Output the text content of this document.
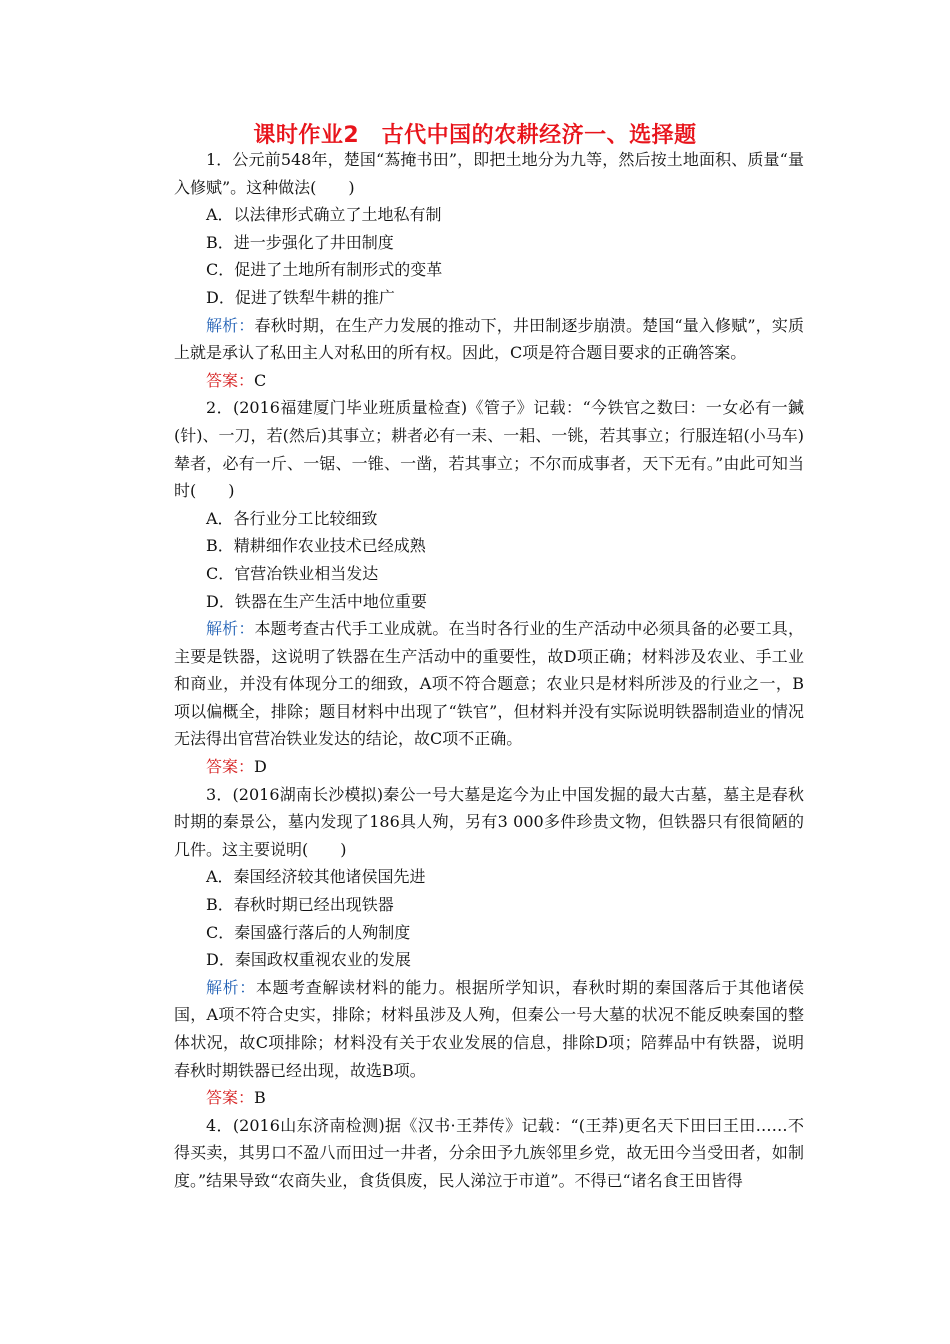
课时作业2　古代中国的农耕经济一、选择题

1．公元前548年，楚国“蒍掩书田”，即把土地分为九等，然后按土地面积、质量“量入修赋”。这种做法(　　)

A．以法律形式确立了土地私有制

B．进一步强化了井田制度

C．促进了土地所有制形式的变革

D．促进了铁犁牛耕的推广

解析：春秋时期，在生产力发展的推动下，井田制逐步崩溃。楚国“量入修赋”，实质上就是承认了私田主人对私田的所有权。因此，C项是符合题目要求的正确答案。

答案：C

2．(2016福建厦门毕业班质量检查)《管子》记载：“今铁官之数曰：一女必有一鍼(针)、一刀，若(然后)其事立；耕者必有一耒、一耜、一铫，若其事立；行服连轺(小马车)辇者，必有一斤、一锯、一锥、一凿，若其事立；不尔而成事者，天下无有。”由此可知当时(　　)

A．各行业分工比较细致

B．精耕细作农业技术已经成熟

C．官营冶铁业相当发达

D．铁器在生产生活中地位重要

解析：本题考查古代手工业成就。在当时各行业的生产活动中必须具备的必要工具，主要是铁器，这说明了铁器在生产活动中的重要性，故D项正确；材料涉及农业、手工业和商业，并没有体现分工的细致，A项不符合题意；农业只是材料所涉及的行业之一，B项以偏概全，排除；题目材料中出现了“铁官”，但材料并没有实际说明铁器制造业的情况无法得出官营冶铁业发达的结论，故C项不正确。

答案：D

3．(2016湖南长沙模拟)秦公一号大墓是迄今为止中国发掘的最大古墓，墓主是春秋时期的秦景公，墓内发现了186具人殉，另有3 000多件珍贵文物，但铁器只有很简陋的几件。这主要说明(　　)

A．秦国经济较其他诸侯国先进

B．春秋时期已经出现铁器

C．秦国盛行落后的人殉制度

D．秦国政权重视农业的发展

解析：本题考查解读材料的能力。根据所学知识，春秋时期的秦国落后于其他诸侯国，A项不符合史实，排除；材料虽涉及人殉，但秦公一号大墓的状况不能反映秦国的整体状况，故C项排除；材料没有关于农业发展的信息，排除D项；陪葬品中有铁器，说明春秋时期铁器已经出现，故选B项。

答案：B

4．(2016山东济南检测)据《汉书·王莽传》记载：“(王莽)更名天下田曰王田……不得买卖，其男口不盈八而田过一井者，分余田予九族邻里乡党，故无田今当受田者，如制度。”结果导致“农商失业，食货俱废，民人涕泣于市道”。不得已“诸名食王田皆得
